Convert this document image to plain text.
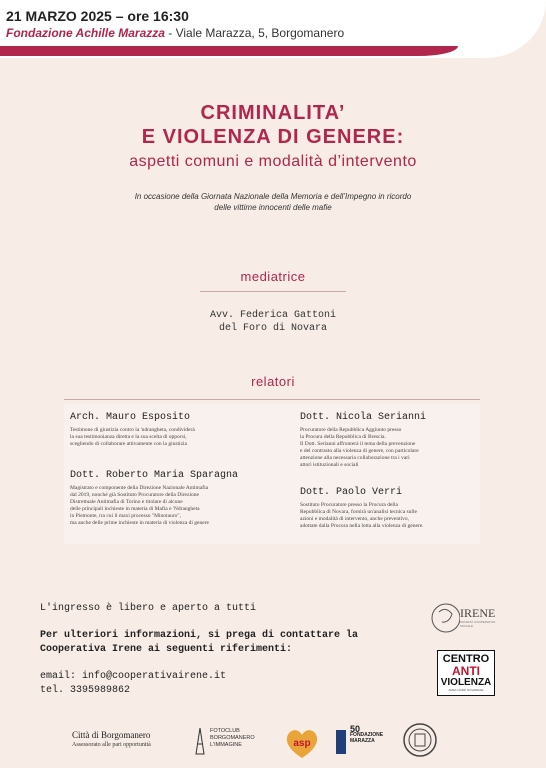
21 MARZO 2025 – ore 16:30
Fondazione Achille Marazza - Viale Marazza, 5, Borgomanero
CRIMINALITA’
E VIOLENZA DI GENERE:
aspetti comuni e modalità d’intervento
In occasione della Giornata Nazionale della Memoria e dell’Impegno in ricordo
delle vittime innocenti delle mafie
mediatrice
Avv. Federica Gattoni
del Foro di Novara
relatori
Arch. Mauro Esposito
Testimone di giustizia contro la 'ndrangheta, condividerà
la sua testimonianza diretta e la sua scelta di opporsi,
scegliendo di collaborare attivamente con la giustizia
Dott. Roberto Maria Sparagna
Magistrato e componente della Direzione Nazionale Antimafia
dal 2019, nonché già Sostituto Procuratore della Direzione
Distrettuale Antimafia di Torino e titolare di alcune
delle principali inchieste in materia di Mafia e 'Ndrangheta
in Piemonte, tra cui il maxi processo "Minotauro",
ma anche delle prime inchieste in materia di violenza di genere
Dott. Nicola Serianni
Procuratore della Repubblica Aggiunto presso
la Procura della Repubblica di Brescia.
Il Dott. Serianni affronterà il tema della prevenzione
e del contrasto alla violenza di genere, con particolare
attenzione alla necessaria collaborazione tra i vari
attori istituzionali e sociali
Dott. Paolo Verri
Sostituto Procuratore presso la Procura della
Repubblica di Novara, fornirà un'analisi tecnica sulle
azioni e modalità di intervento, anche preventivo,
adottate dalla Procura nella lotta alla violenza di genere.
L'ingresso è libero e aperto a tutti
Per ulteriori informazioni, si prega di contattare la
Cooperativa Irene ai seguenti riferimenti:
email: info@cooperativairene.it
tel. 3395989862
IRENE
SOCIETÀ COOPERATIVA SOCIALE
CENTRO
ANTI
VIOLENZA
AREA NORD NOVARESE
Città di Borgomanero
Assessorato alle pari opportunità
FOTOCLUB
BORGOMANERO
L'IMMAGINE	asp
50
FONDAZIONE
MARAZZA
